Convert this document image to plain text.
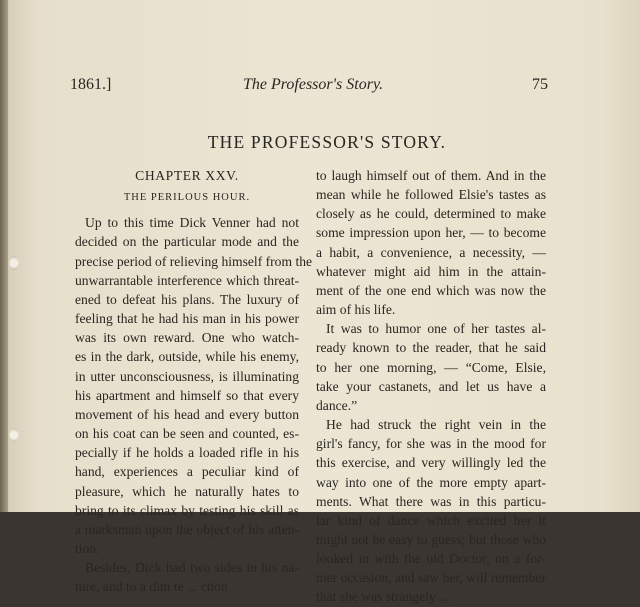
1861.]	The Professor's Story.	75
THE PROFESSOR'S STORY.
CHAPTER XXV.
THE PERILOUS HOUR.
Up to this time Dick Venner had not
decided on the particular mode and the
precise period of relieving himself from the
unwarrantable interference which threat-
ened to defeat his plans. The luxury of
feeling that he had his man in his power
was its own reward. One who watch-
es in the dark, outside, while his enemy,
in utter unconsciousness, is illuminating
his apartment and himself so that every
movement of his head and every button
on his coat can be seen and counted, es-
pecially if he holds a loaded rifle in his
hand, experiences a peculiar kind of
pleasure, which he naturally hates to
bring to its climax by testing his skill as
a marksman upon the object of his atten-
tion.
Besides, Dick had two sides in his na-
ture, and to a dim te ... ction
to laugh himself out of them. And in the
mean while he followed Elsie's tastes as
closely as he could, determined to make
some impression upon her, — to become
a habit, a convenience, a necessity, —
whatever might aid him in the attain-
ment of the one end which was now the
aim of his life.
It was to humor one of her tastes al-
ready known to the reader, that he said
to her one morning, — “Come, Elsie,
take your castanets, and let us have a
dance.”
He had struck the right vein in the
girl's fancy, for she was in the mood for
this exercise, and very willingly led the
way into one of the more empty apart-
ments. What there was in this particu-
lar kind of dance which excited her it
might not be easy to guess; but those who
looked in with the old Doctor, on a for-
mer occasion, and saw her, will remember
that she was strangely ...
